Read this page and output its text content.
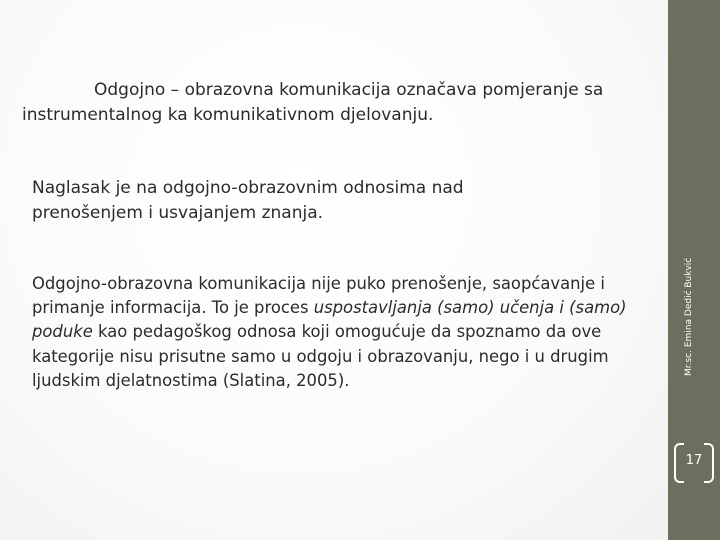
Odgojno – obrazovna komunikacija označava pomjeranje sa instrumentalnog ka komunikativnom djelovanju.
Naglasak je na odgojno-obrazovnim odnosima nad
prenošenjem i usvajanjem znanja.
Odgojno-obrazovna komunikacija nije puko prenošenje, saopćavanje i primanje informacija. To je proces uspostavljanja (samo) učenja i (samo) poduke kao pedagoškog odnosa koji omogućuje da spoznamo da ove kategorije nisu prisutne samo u odgoju i obrazovanju, nego i u drugim ljudskim djelatnostima (Slatina, 2005).
Mr.sc. Emina Dedić Bukvić
17
